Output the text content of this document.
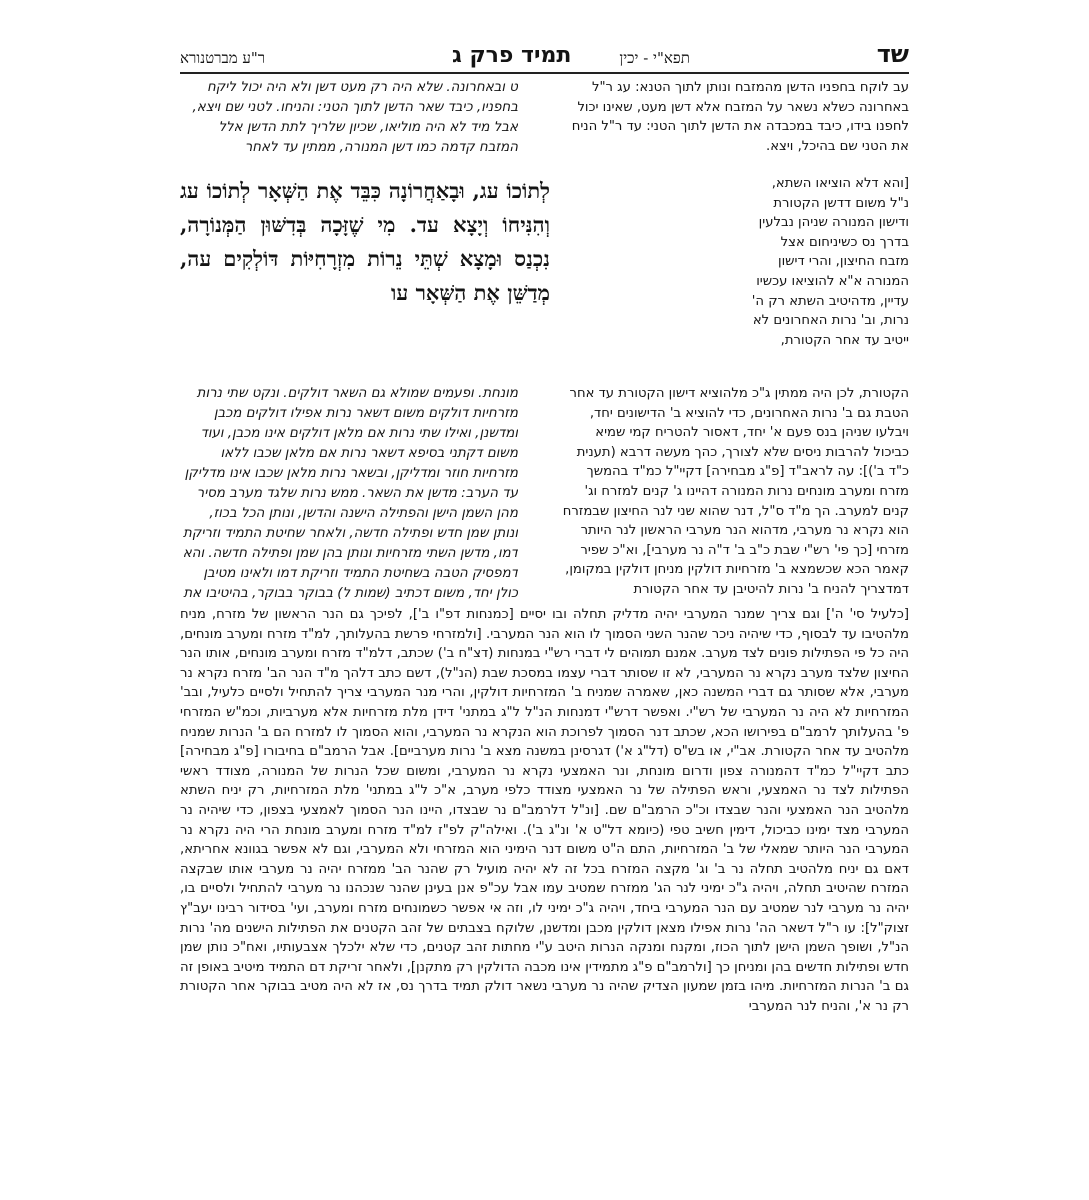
שד
תפא"י - יכין
תמיד פרק ג
ר"ע מברטנורא

עב לוקח בחפניו הדשן מהמזבח ונותן לתוך הטנא: עג ר"ל באחרונה כשלא נשאר על המזבח אלא דשן מעט, שאינו יכול לחפנו בידו, כיבד במכבדה את הדשן לתוך הטני: עד ר"ל הניח את הטני שם בהיכל, ויצא.

[והא דלא הוציאו השתא, נ"ל משום דדשן הקטורת ודישון המנורה שניהן נבלעין בדרך נס כשיניחום אצל מזבח החיצון, והרי דישון המנורה א"א להוציאו עכשיו עדיין, מדהיטיב השתא רק ה' נרות, וב' נרות האחרונים לא ייטיב עד אחר הקטורת,

הקטורת, לכן היה ממתין ג"כ מלהוציא דישון הקטורת עד אחר הטבת גם ב' נרות האחרונים, כדי להוציא ב' הדישונים יחד, ויבלעו שניהן בנס פעם א' יחד, דאסור להטריח קמי שמיא כביכול להרבות ניסים שלא לצורך, כהך מעשה דרבא (תענית כ"ד ב')]: עה לראב"ד [פ"ג מבחירה] דקיי"ל כמ"ד בהמשך מזרח ומערב מונחים נרות המנורה דהיינו ג' קנים למזרח וג' קנים למערב. הך מ"ד ס"ל, דנר שהוא שני לנר החיצון שבמזרח הוא נקרא נר מערבי, מדהוא הנר מערבי הראשון לנר היותר מזרחי [כך פי' רש"י שבת כ"ב ב' ד"ה נר מערבי], וא"כ שפיר קאמר הכא שכשמצא ב' מזרחיות דולקין מניחן דולקין במקומן, דמדצריך להניח ב' נרות להיטיבן עד אחר הקטורת

ט ובאחרונה. שלא היה רק מעט דשן ולא היה יכול ליקח בחפניו, כיבד שאר הדשן לתוך הטני: והניחו. לטני שם ויצא, אבל מיד לא היה מוליאו, שכיון שלריך לתת הדשן אלל המזבח קדמה כמו דשן המנורה, ממתין עד לאחר

מונחת. ופעמים שמולא גם השאר דולקים. ונקט שתי נרות מזרחיות דולקים משום דשאר נרות אפילו דולקים מכבן ומדשנן, ואילו שתי נרות אם מלאן דולקים אינו מכבן, ועוד משום דקתני בסיפא דשאר נרות אם מלאן שכבו ללאו מזרחיות חוזר ומדליקן, ובשאר נרות מלאן שכבו אינו מדליקן עד הערב: מדשן את השאר. ממש נרות שלגד מערב מסיר מהן השמן הישן והפתילה הישנה והדשן, ונותן הכל בכוז, ונותן שמן חדש ופתילה חדשה, ולאחר שחיטת התמיד וזריקת דמו, מדשן השתי מזרחיות ונותן בהן שמן ופתילה חדשה. והא דמפסיק הטבה בשחיטת התמיד וזריקת דמו ולאינו מטיבן כולן יחד, משום דכתיב (שמות ל) בבוקר בבוקר, בהיטיבו את

לְתוֹכוֹ עג, וּבָאַחֲרוֹנָה כִּבֵּד אֶת הַשְּׁאָר לְתוֹכוֹ עג וְהִנִּיחוֹ וְיָצָא עד. מִי שֶׁזָּכָה בְּדִשּׁוּן הַמְּנוֹרָה, נִכְנַס וּמָצָא שְׁתֵּי נֵרוֹת מִזְרָחִיּוֹת דּוֹלְקִים עה, מְדַשֵּׁן אֶת הַשְּׁאָר עו

[כלעיל סי' ה'] וגם צריך שמנר המערבי יהיה מדליק תחלה ובו יסיים [כמנחות דפ"ו ב'], לפיכך גם הנר הראשון של מזרח, מניח מלהטיבו עד לבסוף, כדי שיהיה ניכר שהנר השני הסמוך לו הוא הנר המערבי. [ולמזרחי פרשת בהעלותך, למ"ד מזרח ומערב מונחים, היה כל פי הפתילות פונים לצד מערב. אמנם תמוהים לי דברי רש"י במנחות (דצ"ח ב') שכתב, דלמ"ד מזרח ומערב מונחים, אותו הנר החיצון שלצד מערב נקרא נר המערבי, לא זו שסותר דברי עצמו במסכת שבת (הנ"ל), דשם כתב דלהך מ"ד הנר הב' מזרח נקרא נר מערבי, אלא שסותר גם דברי המשנה כאן, שאמרה שמניח ב' המזרחיות דולקין, והרי מנר המערבי צריך להתחיל ולסיים כלעיל, ובב' המזרחיות לא היה נר המערבי של רש"י. ואפשר דרש"י דמנחות הנ"ל ל"ג במתני' דידן מלת מזרחיות אלא מערביות, וכמ"ש המזרחי פ' בהעלותך לרמב"ם בפירושו הכא, שכתב דנר הסמוך לפרוכת הוא הנקרא נר המערבי, והוא הסמוך לו למזרח הם ב' הנרות שמניח מלהטיב עד אחר הקטורת. אב"י, או בש"ס (דל"ג א') דגרסינן במשנה מצא ב' נרות מערביים]. אבל הרמב"ם בחיבורו [פ"ג מבחירה] כתב דקיי"ל כמ"ד דהמנורה צפון ודרום מונחת, ונר האמצעי נקרא נר המערבי, ומשום שכל הנרות של המנורה, מצודד ראשי הפתילות לצד נר האמצעי, וראש הפתילה של נר האמצעי מצודד כלפי מערב, א"כ ל"ג במתני' מלת המזרחיות, רק יניח השתא מלהטיב הנר האמצעי והנר שבצדו וכ"כ הרמב"ם שם. [ונ"ל דלרמב"ם נר שבצדו, היינו הנר הסמוך לאמצעי בצפון, כדי שיהיה נר המערבי מצד ימינו כביכול, דימין חשיב טפי (כיומא דל"ט א' ונ"ג ב'). ואילה"ק לפ"ז למ"ד מזרח ומערב מונחת הרי היה נקרא נר המערבי הנר היותר שמאלי של ב' המזרחיות, התם ה"ט משום דנר הימיני הוא המזרחי ולא המערבי, וגם לא אפשר בגוונא אחריתא, דאם גם יניח מלהטיב תחלה נר ב' וג' מקצה המזרח בכל זה לא יהיה מועיל רק שהנר הב' ממזרח יהיה נר מערבי אותו שבקצה המזרח שהיטיב תחלה, ויהיה ג"כ ימיני לנר הג' ממזרח שמטיב עמו אבל עכ"פ אנן בעינן שהנר שנכהנו נר מערבי להתחיל ולסיים בו, יהיה נר מערבי לנר שמטיב עם הנר המערבי ביחד, ויהיה ג"כ ימיני לו, וזה אי אפשר כשמונחים מזרח ומערב, ועי' בסידור רבינו יעב"ץ זצוק"ל]: עו ר"ל דשאר הה' נרות אפילו מצאן דולקין מכבן ומדשנן, שלוקח בצבתים של זהב הקטנים את הפתילות הישנים מה' נרות הנ"ל, ושופך השמן הישן לתוך הכוז, ומקנח ומנקה הנרות היטב ע"י מחתות זהב קטנים, כדי שלא ילכלך אצבעותיו, ואח"כ נותן שמן חדש ופתילות חדשים בהן ומניחן כך [ולרמב"ם פ"ג מתמידין אינו מכבה הדולקין רק מתקנן], ולאחר זריקת דם התמיד מיטיב באופן זה גם ב' הנרות המזרחיות. מיהו בזמן שמעון הצדיק שהיה נר מערבי נשאר דולק תמיד בדרך נס, אז לא היה מטיב בבוקר אחר הקטורת רק נר א', והניח לנר המערבי
